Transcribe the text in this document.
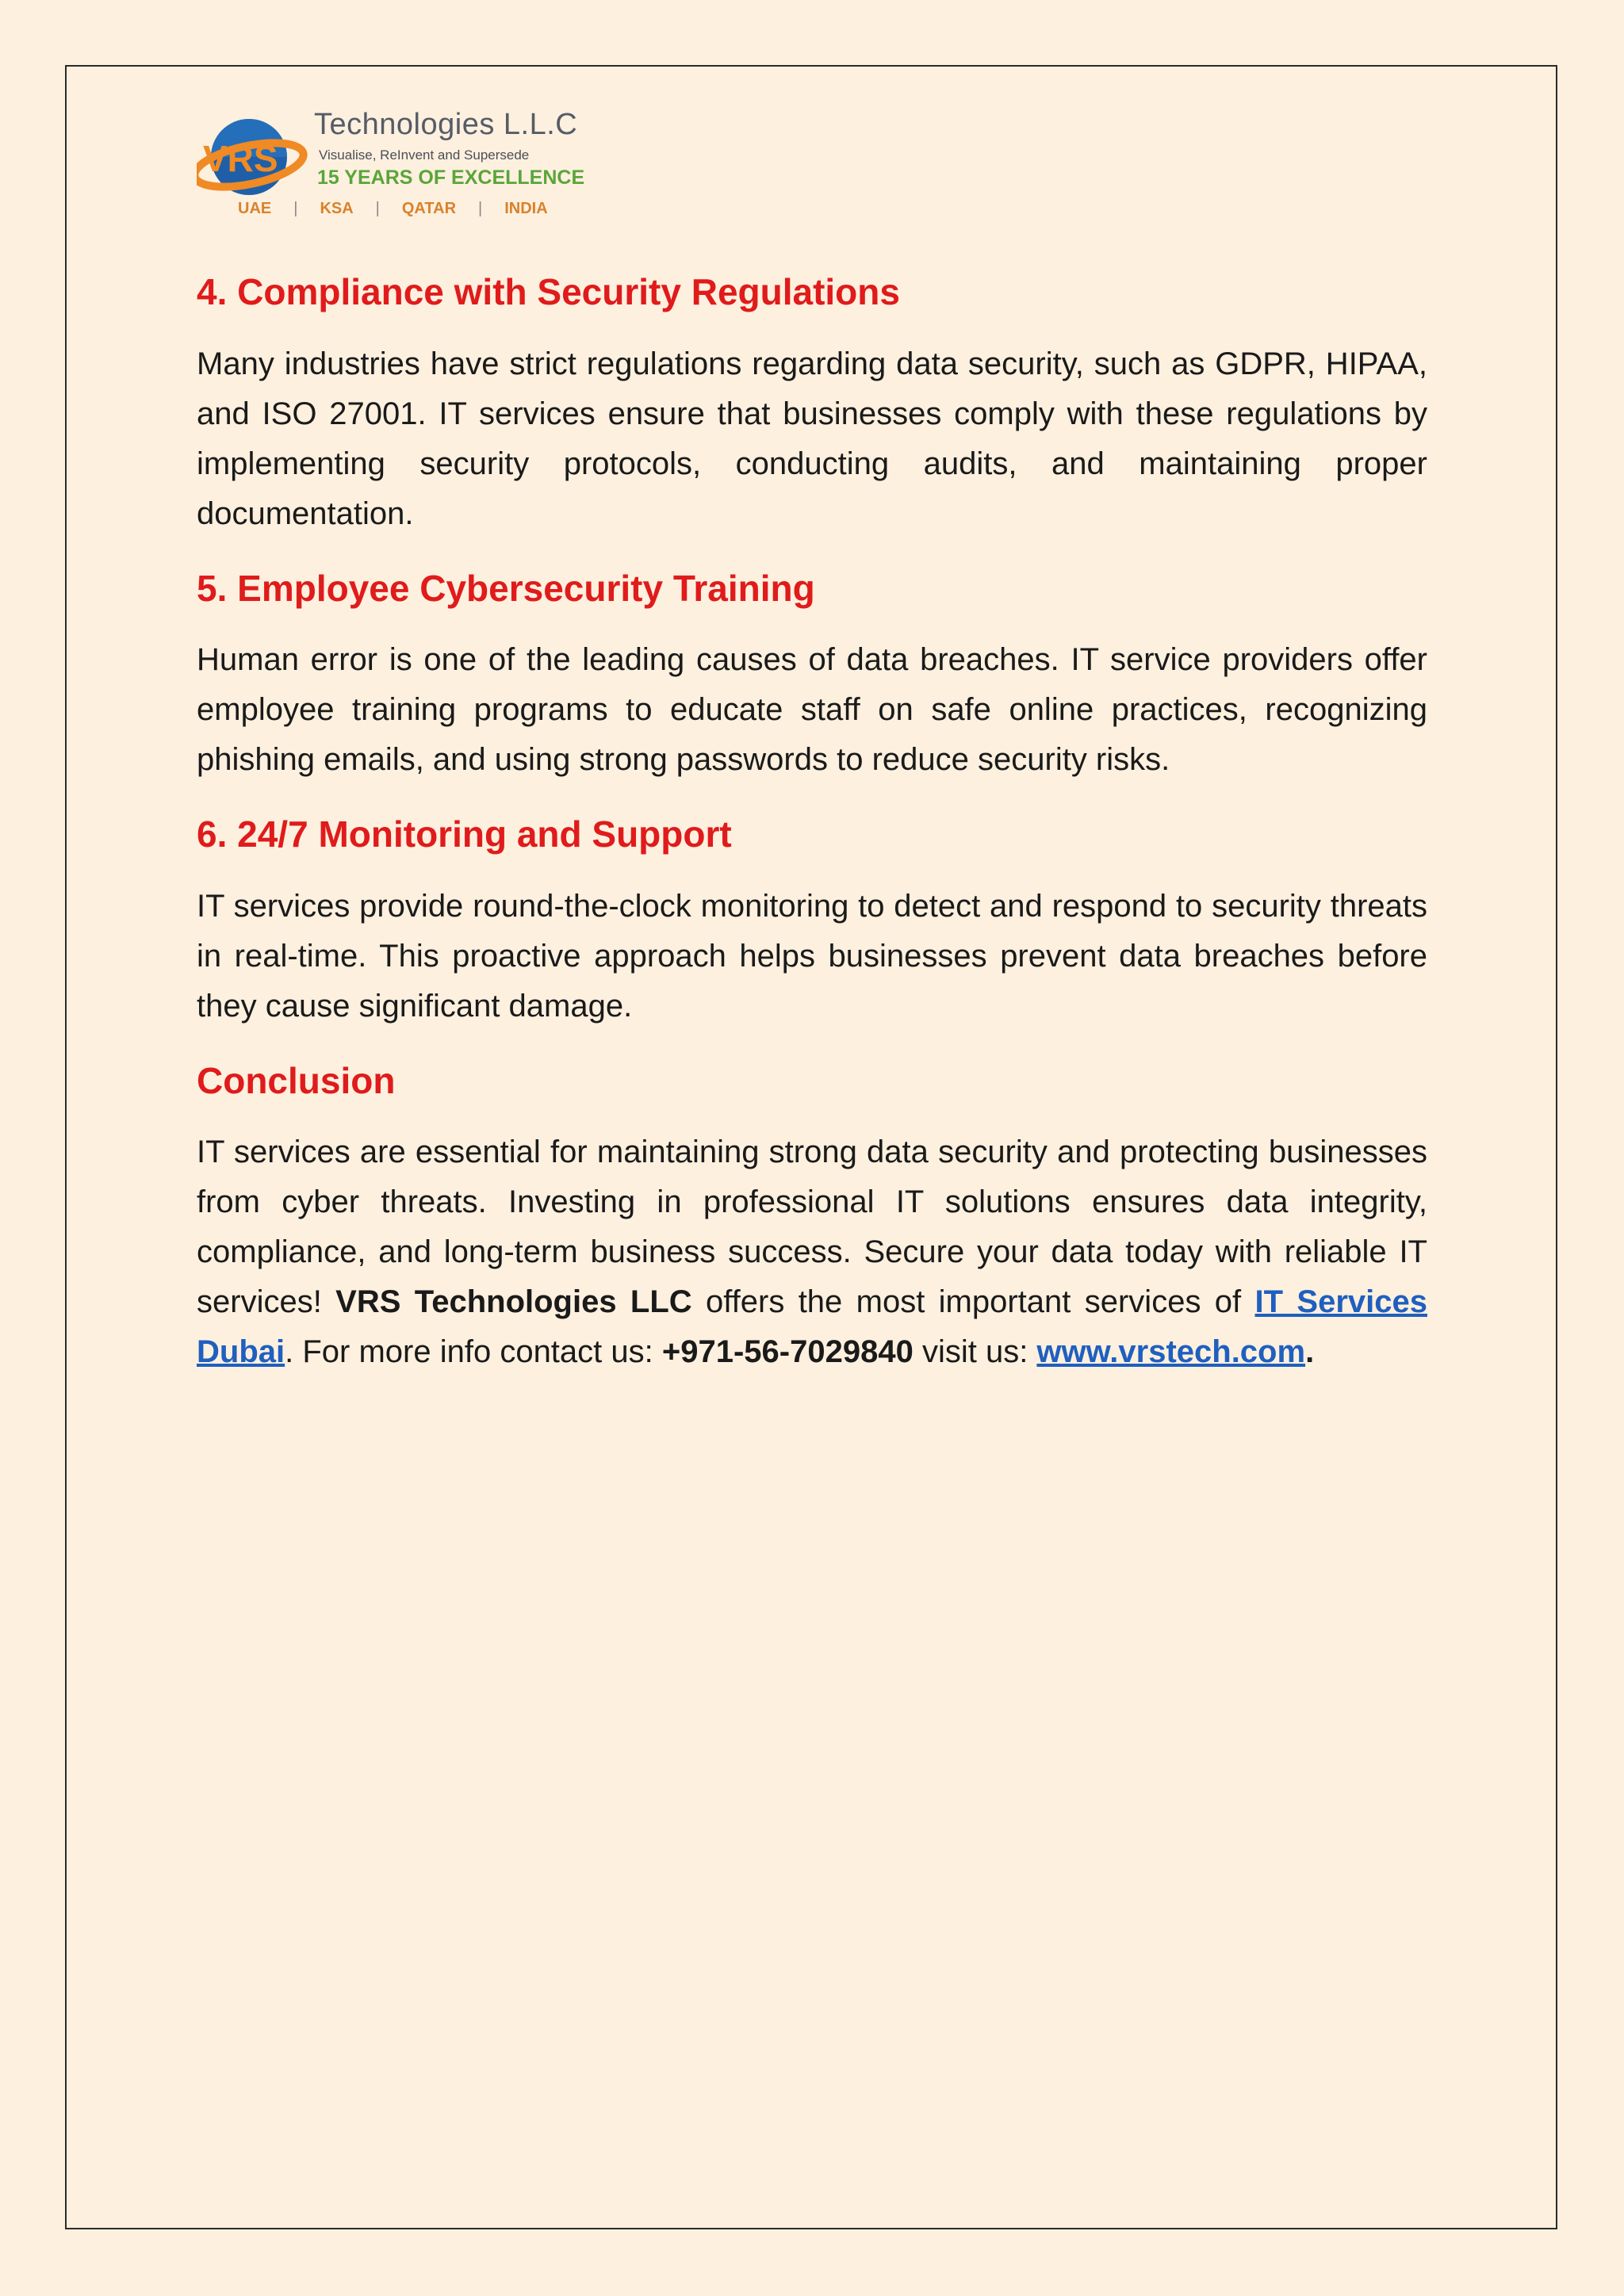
VRS
Technologies L.L.C
Visualise, ReInvent and Supersede
15 YEARS OF EXCELLENCE
UAE | KSA | QATAR | INDIA
4. Compliance with Security Regulations

Many industries have strict regulations regarding data security, such as GDPR, HIPAA, and ISO 27001. IT services ensure that businesses comply with these regulations by implementing security protocols, conducting audits, and maintaining proper documentation.

5. Employee Cybersecurity Training

Human error is one of the leading causes of data breaches. IT service providers offer employee training programs to educate staff on safe online practices, recognizing phishing emails, and using strong passwords to reduce security risks.

6. 24/7 Monitoring and Support

IT services provide round-the-clock monitoring to detect and respond to security threats in real-time. This proactive approach helps businesses prevent data breaches before they cause significant damage.

Conclusion

IT services are essential for maintaining strong data security and protecting businesses from cyber threats. Investing in professional IT solutions ensures data integrity, compliance, and long-term business success. Secure your data today with reliable IT services! VRS Technologies LLC offers the most important services of IT Services Dubai. For more info contact us: +971-56-7029840 visit us: www.vrstech.com.
